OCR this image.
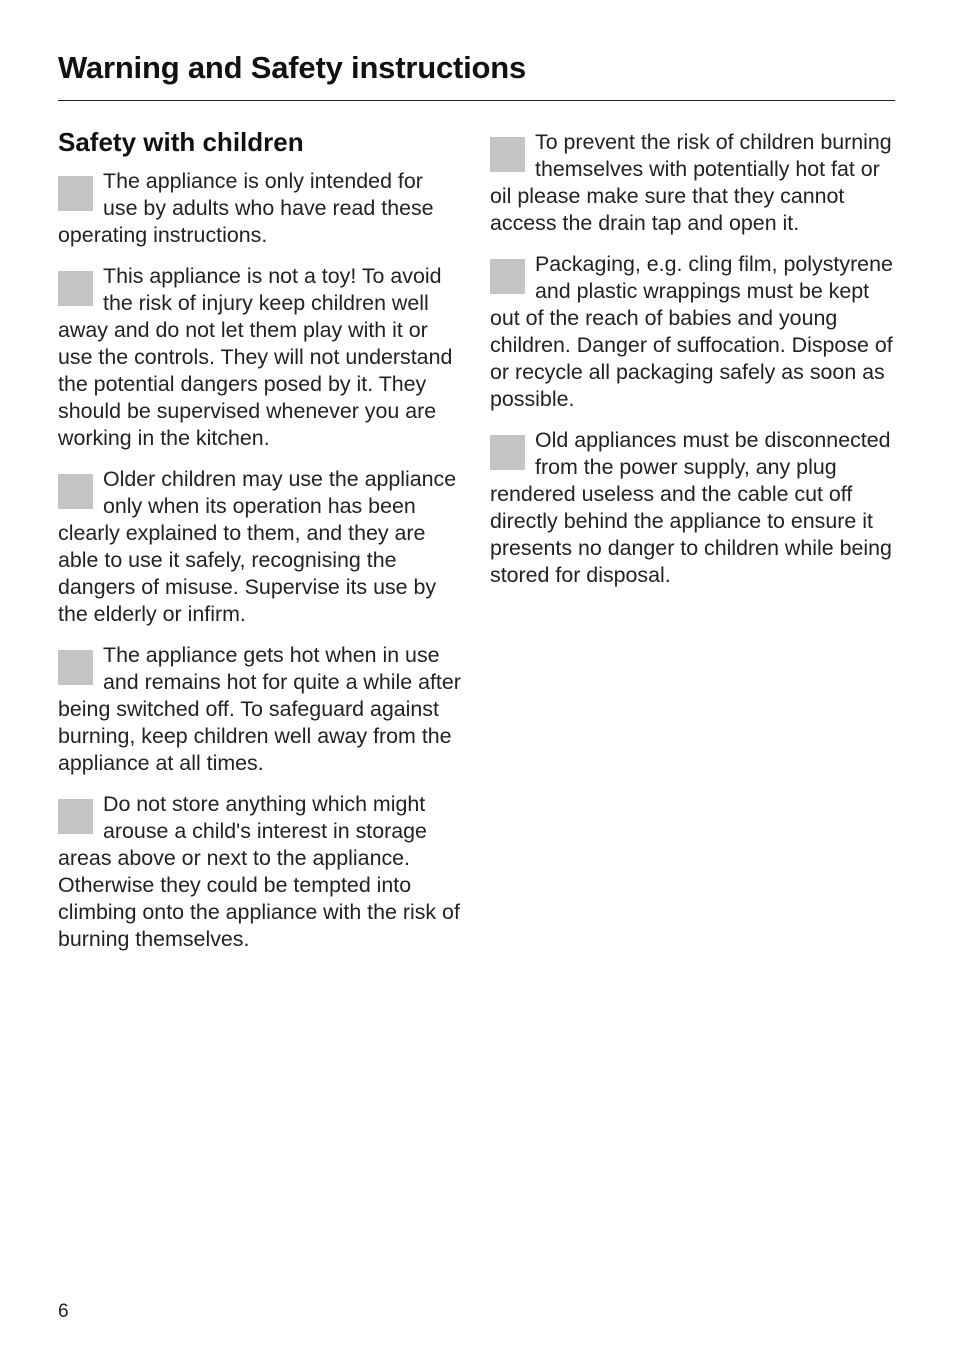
Warning and Safety instructions
Safety with children

The appliance is only intended for use by adults who have read these operating instructions.

This appliance is not a toy! To avoid the risk of injury keep children well away and do not let them play with it or use the controls. They will not understand the potential dangers posed by it. They should be supervised whenever you are working in the kitchen.

Older children may use the appliance only when its operation has been clearly explained to them, and they are able to use it safely, recognising the dangers of misuse. Supervise its use by the elderly or infirm.

The appliance gets hot when in use and remains hot for quite a while after being switched off. To safeguard against burning, keep children well away from the appliance at all times.

Do not store anything which might arouse a child's interest in storage areas above or next to the appliance. Otherwise they could be tempted into climbing onto the appliance with the risk of burning themselves.

To prevent the risk of children burning themselves with potentially hot fat or oil please make sure that they cannot access the drain tap and open it.

Packaging, e.g. cling film, polystyrene and plastic wrappings must be kept out of the reach of babies and young children. Danger of suffocation. Dispose of or recycle all packaging safely as soon as possible.

Old appliances must be disconnected from the power supply, any plug rendered useless and the cable cut off directly behind the appliance to ensure it presents no danger to children while being stored for disposal.

6
